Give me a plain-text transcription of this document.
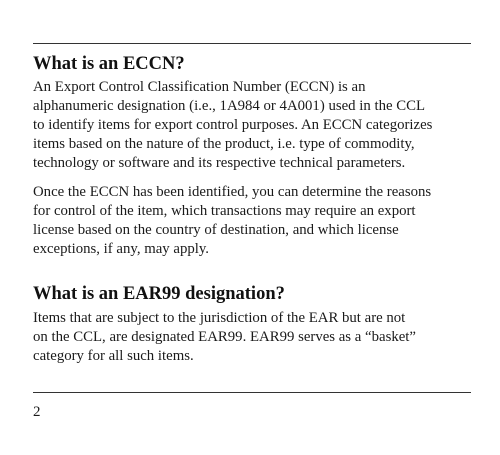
What is an ECCN?
An Export Control Classification Number (ECCN) is an
alphanumeric designation (i.e., 1A984 or 4A001) used in the CCL
to identify items for export control purposes. An ECCN categorizes
items based on the nature of the product, i.e. type of commodity,
technology or software and its respective technical parameters.
Once the ECCN has been identified, you can determine the reasons
for control of the item, which transactions may require an export
license based on the country of destination, and which license
exceptions, if any, may apply.
What is an EAR99 designation?
Items that are subject to the jurisdiction of the EAR but are not
on the CCL, are designated EAR99. EAR99 serves as a “basket”
category for all such items.
2
